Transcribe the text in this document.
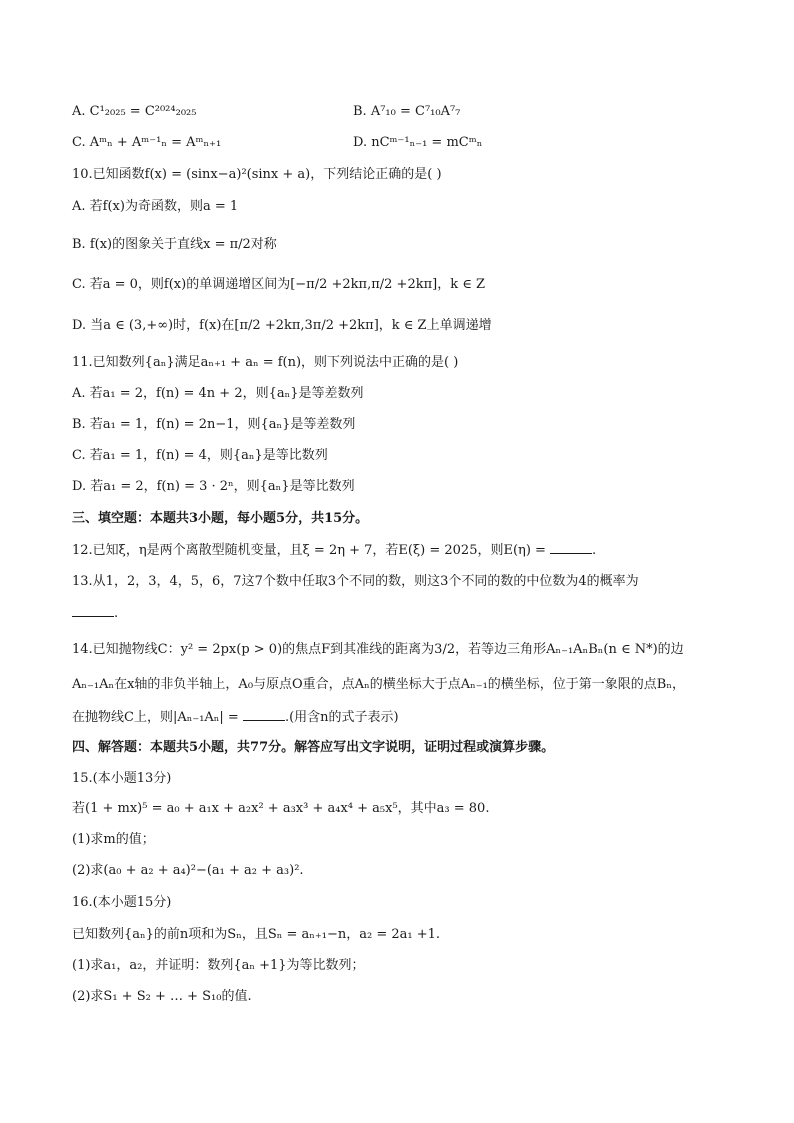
A. C¹₂₀₂₅ = C²⁰²⁴₂₀₂₅	B. A⁷₁₀ = C⁷₁₀A⁷₇
C. Aᵐₙ + Aᵐ⁻¹ₙ = Aᵐₙ₊₁	D. nCᵐ⁻¹ₙ₋₁ = mCᵐₙ
10.已知函数f(x) = (sinx−a)²(sinx + a)，下列结论正确的是( )
A. 若f(x)为奇函数，则a = 1
B. f(x)的图象关于直线x = π/2对称
C. 若a = 0，则f(x)的单调递增区间为[−π/2 +2kπ,π/2 +2kπ]，k ∈ Z
D. 当a ∈ (3,+∞)时，f(x)在[π/2 +2kπ,3π/2 +2kπ]，k ∈ Z上单调递增
11.已知数列{aₙ}满足aₙ₊₁ + aₙ = f(n)，则下列说法中正确的是( )
A. 若a₁ = 2，f(n) = 4n + 2，则{aₙ}是等差数列
B. 若a₁ = 1，f(n) = 2n−1，则{aₙ}是等差数列
C. 若a₁ = 1，f(n) = 4，则{aₙ}是等比数列
D. 若a₁ = 2，f(n) = 3 · 2ⁿ，则{aₙ}是等比数列
三、填空题：本题共3小题，每小题5分，共15分。
12.已知ξ，η是两个离散型随机变量，且ξ = 2η + 7，若E(ξ) = 2025，则E(η) =	.
13.从1，2，3，4，5，6，7这7个数中任取3个不同的数，则这3个不同的数的中位数为4的概率为
.
14.已知抛物线C：y² = 2px(p > 0)的焦点F到其准线的距离为3/2，若等边三角形Aₙ₋₁AₙBₙ(n ∈ N*)的边
Aₙ₋₁Aₙ在x轴的非负半轴上，A₀与原点O重合，点Aₙ的横坐标大于点Aₙ₋₁的横坐标，位于第一象限的点Bₙ，
在抛物线C上，则|Aₙ₋₁Aₙ| =	.(用含n的式子表示)
四、解答题：本题共5小题，共77分。解答应写出文字说明，证明过程或演算步骤。
15.(本小题13分)
若(1 + mx)⁵ = a₀ + a₁x + a₂x² + a₃x³ + a₄x⁴ + a₅x⁵，其中a₃ = 80.
(1)求m的值；
(2)求(a₀ + a₂ + a₄)²−(a₁ + a₂ + a₃)².
16.(本小题15分)
已知数列{aₙ}的前n项和为Sₙ，且Sₙ = aₙ₊₁−n，a₂ = 2a₁ +1.
(1)求a₁，a₂，并证明：数列{aₙ +1}为等比数列；
(2)求S₁ + S₂ + … + S₁₀的值.
